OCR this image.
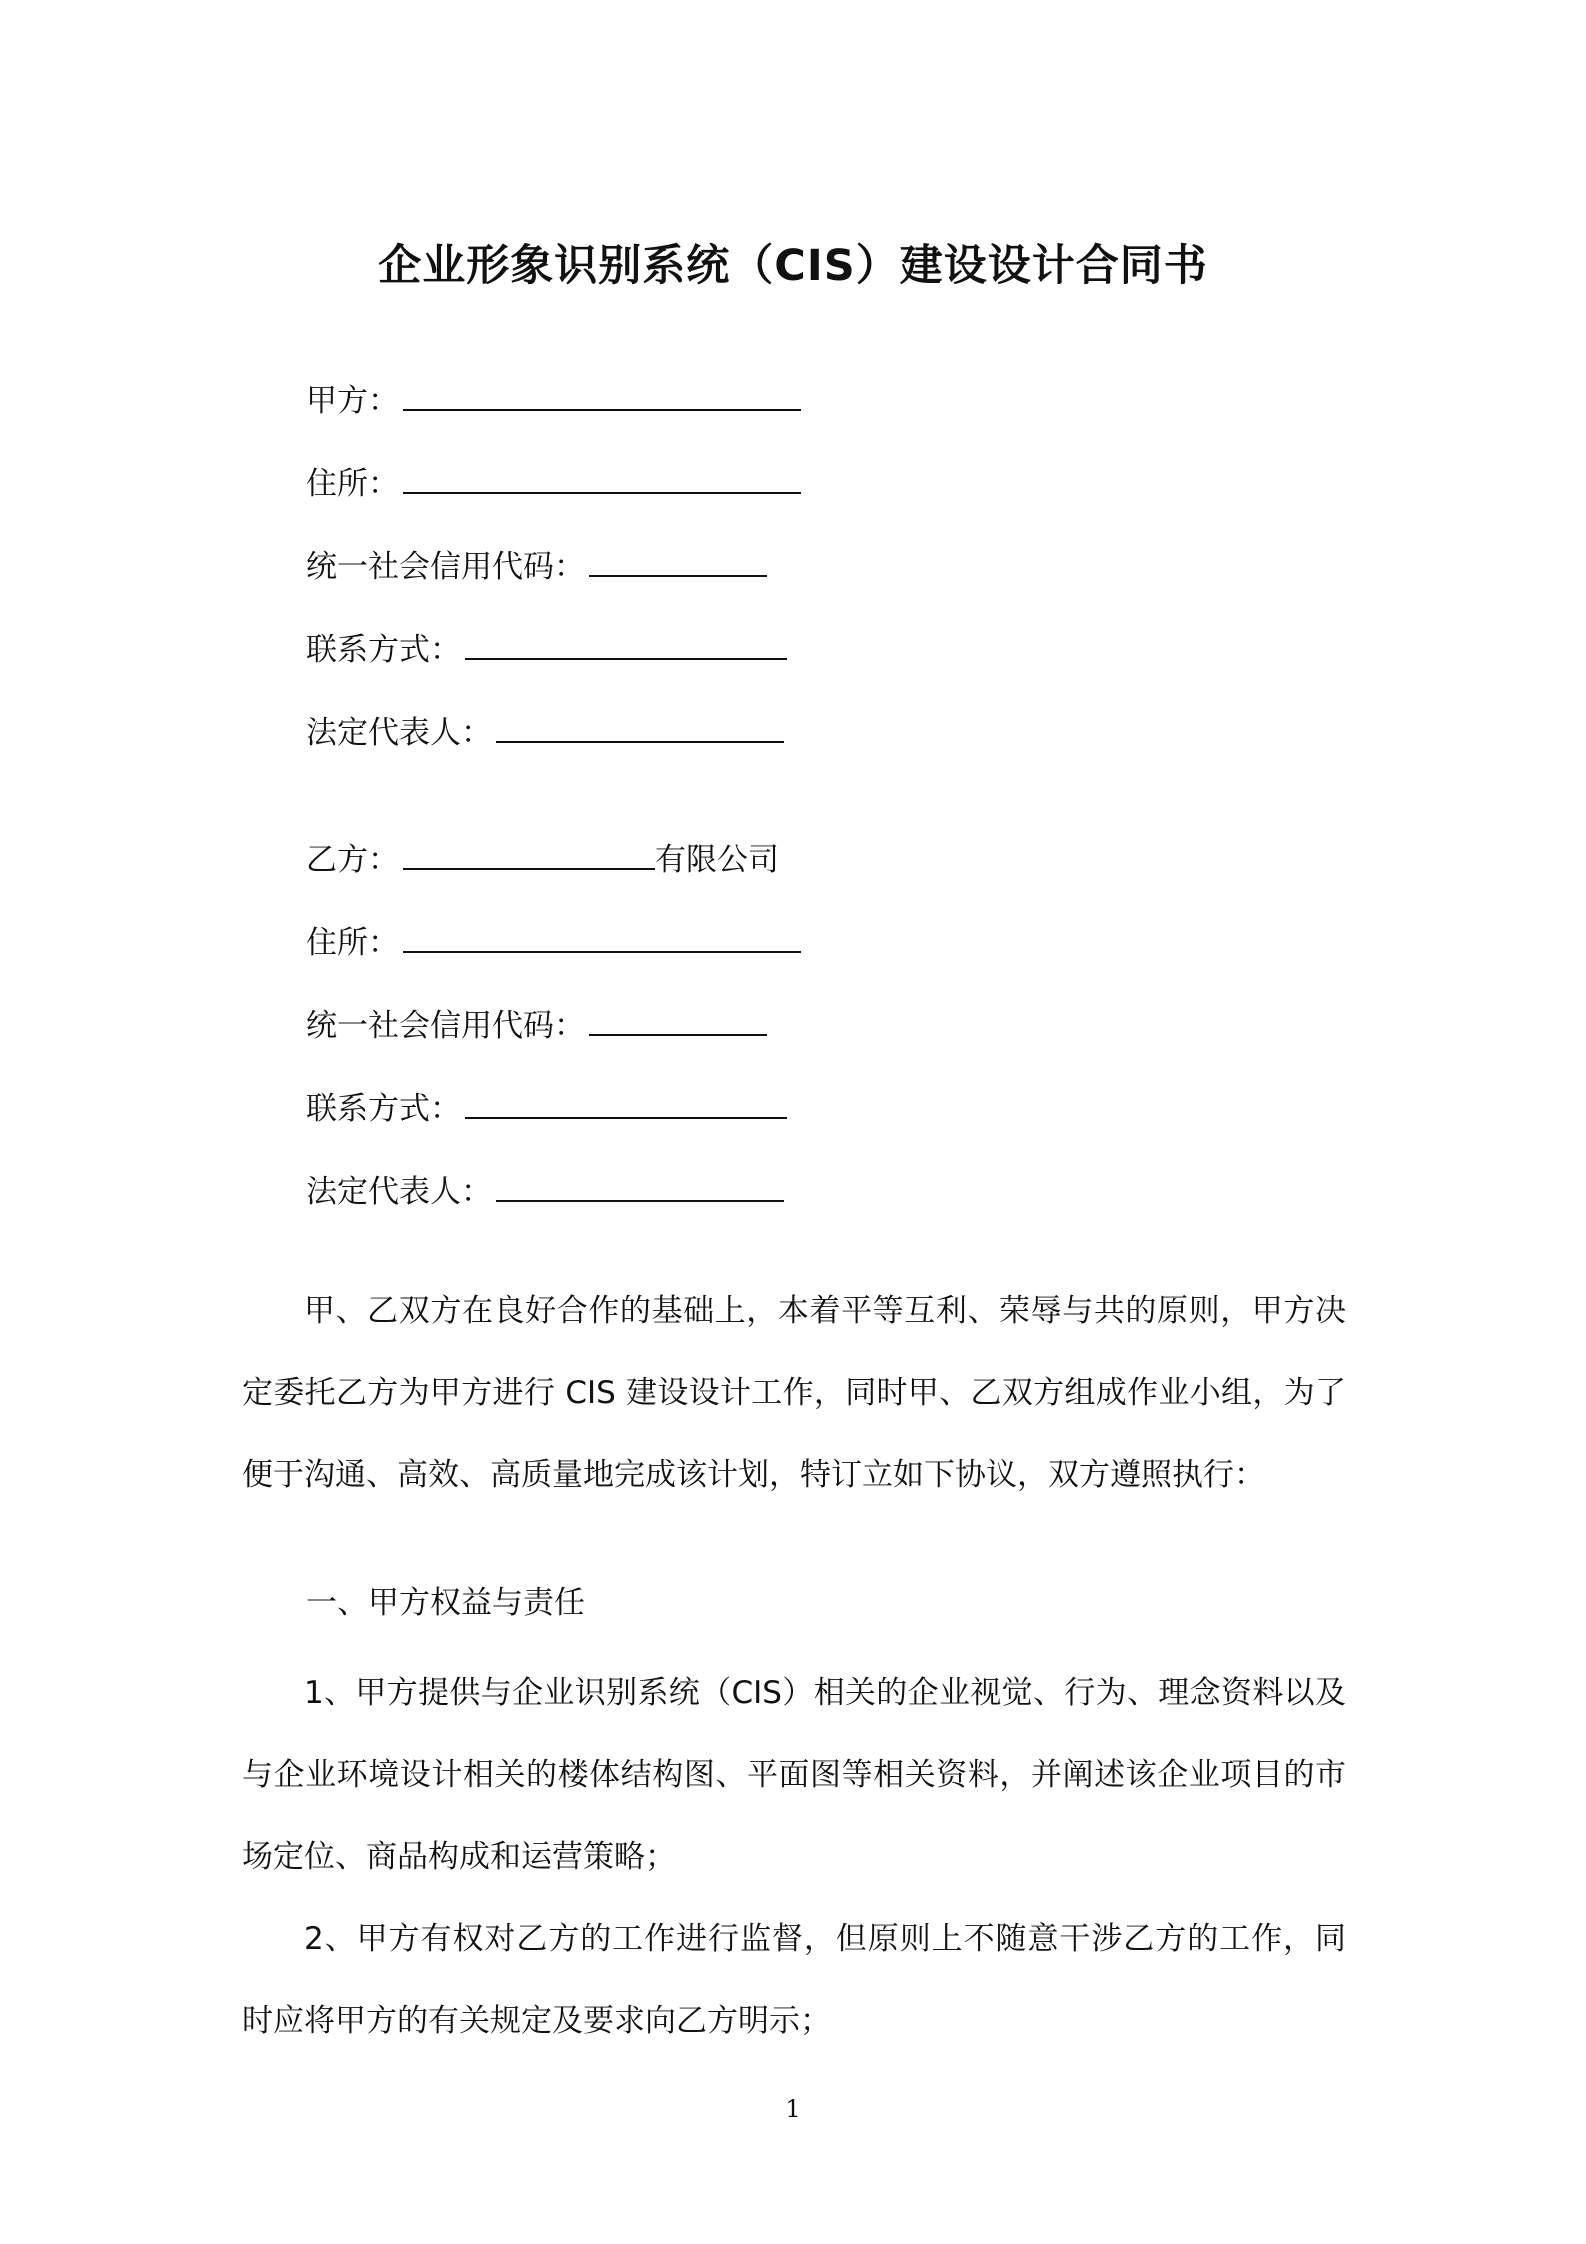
企业形象识别系统（CIS）建设设计合同书
甲方：
住所：
统一社会信用代码：
联系方式：
法定代表人：
乙方：	有限公司
住所：
统一社会信用代码：
联系方式：
法定代表人：
甲、乙双方在良好合作的基础上，本着平等互利、荣辱与共的原则，甲方决定委托乙方为甲方进行 CIS 建设设计工作，同时甲、乙双方组成作业小组，为了便于沟通、高效、高质量地完成该计划，特订立如下协议，双方遵照执行：
一、甲方权益与责任
1、甲方提供与企业识别系统（CIS）相关的企业视觉、行为、理念资料以及与企业环境设计相关的楼体结构图、平面图等相关资料，并阐述该企业项目的市场定位、商品构成和运营策略；
2、甲方有权对乙方的工作进行监督，但原则上不随意干涉乙方的工作，同时应将甲方的有关规定及要求向乙方明示；
1
